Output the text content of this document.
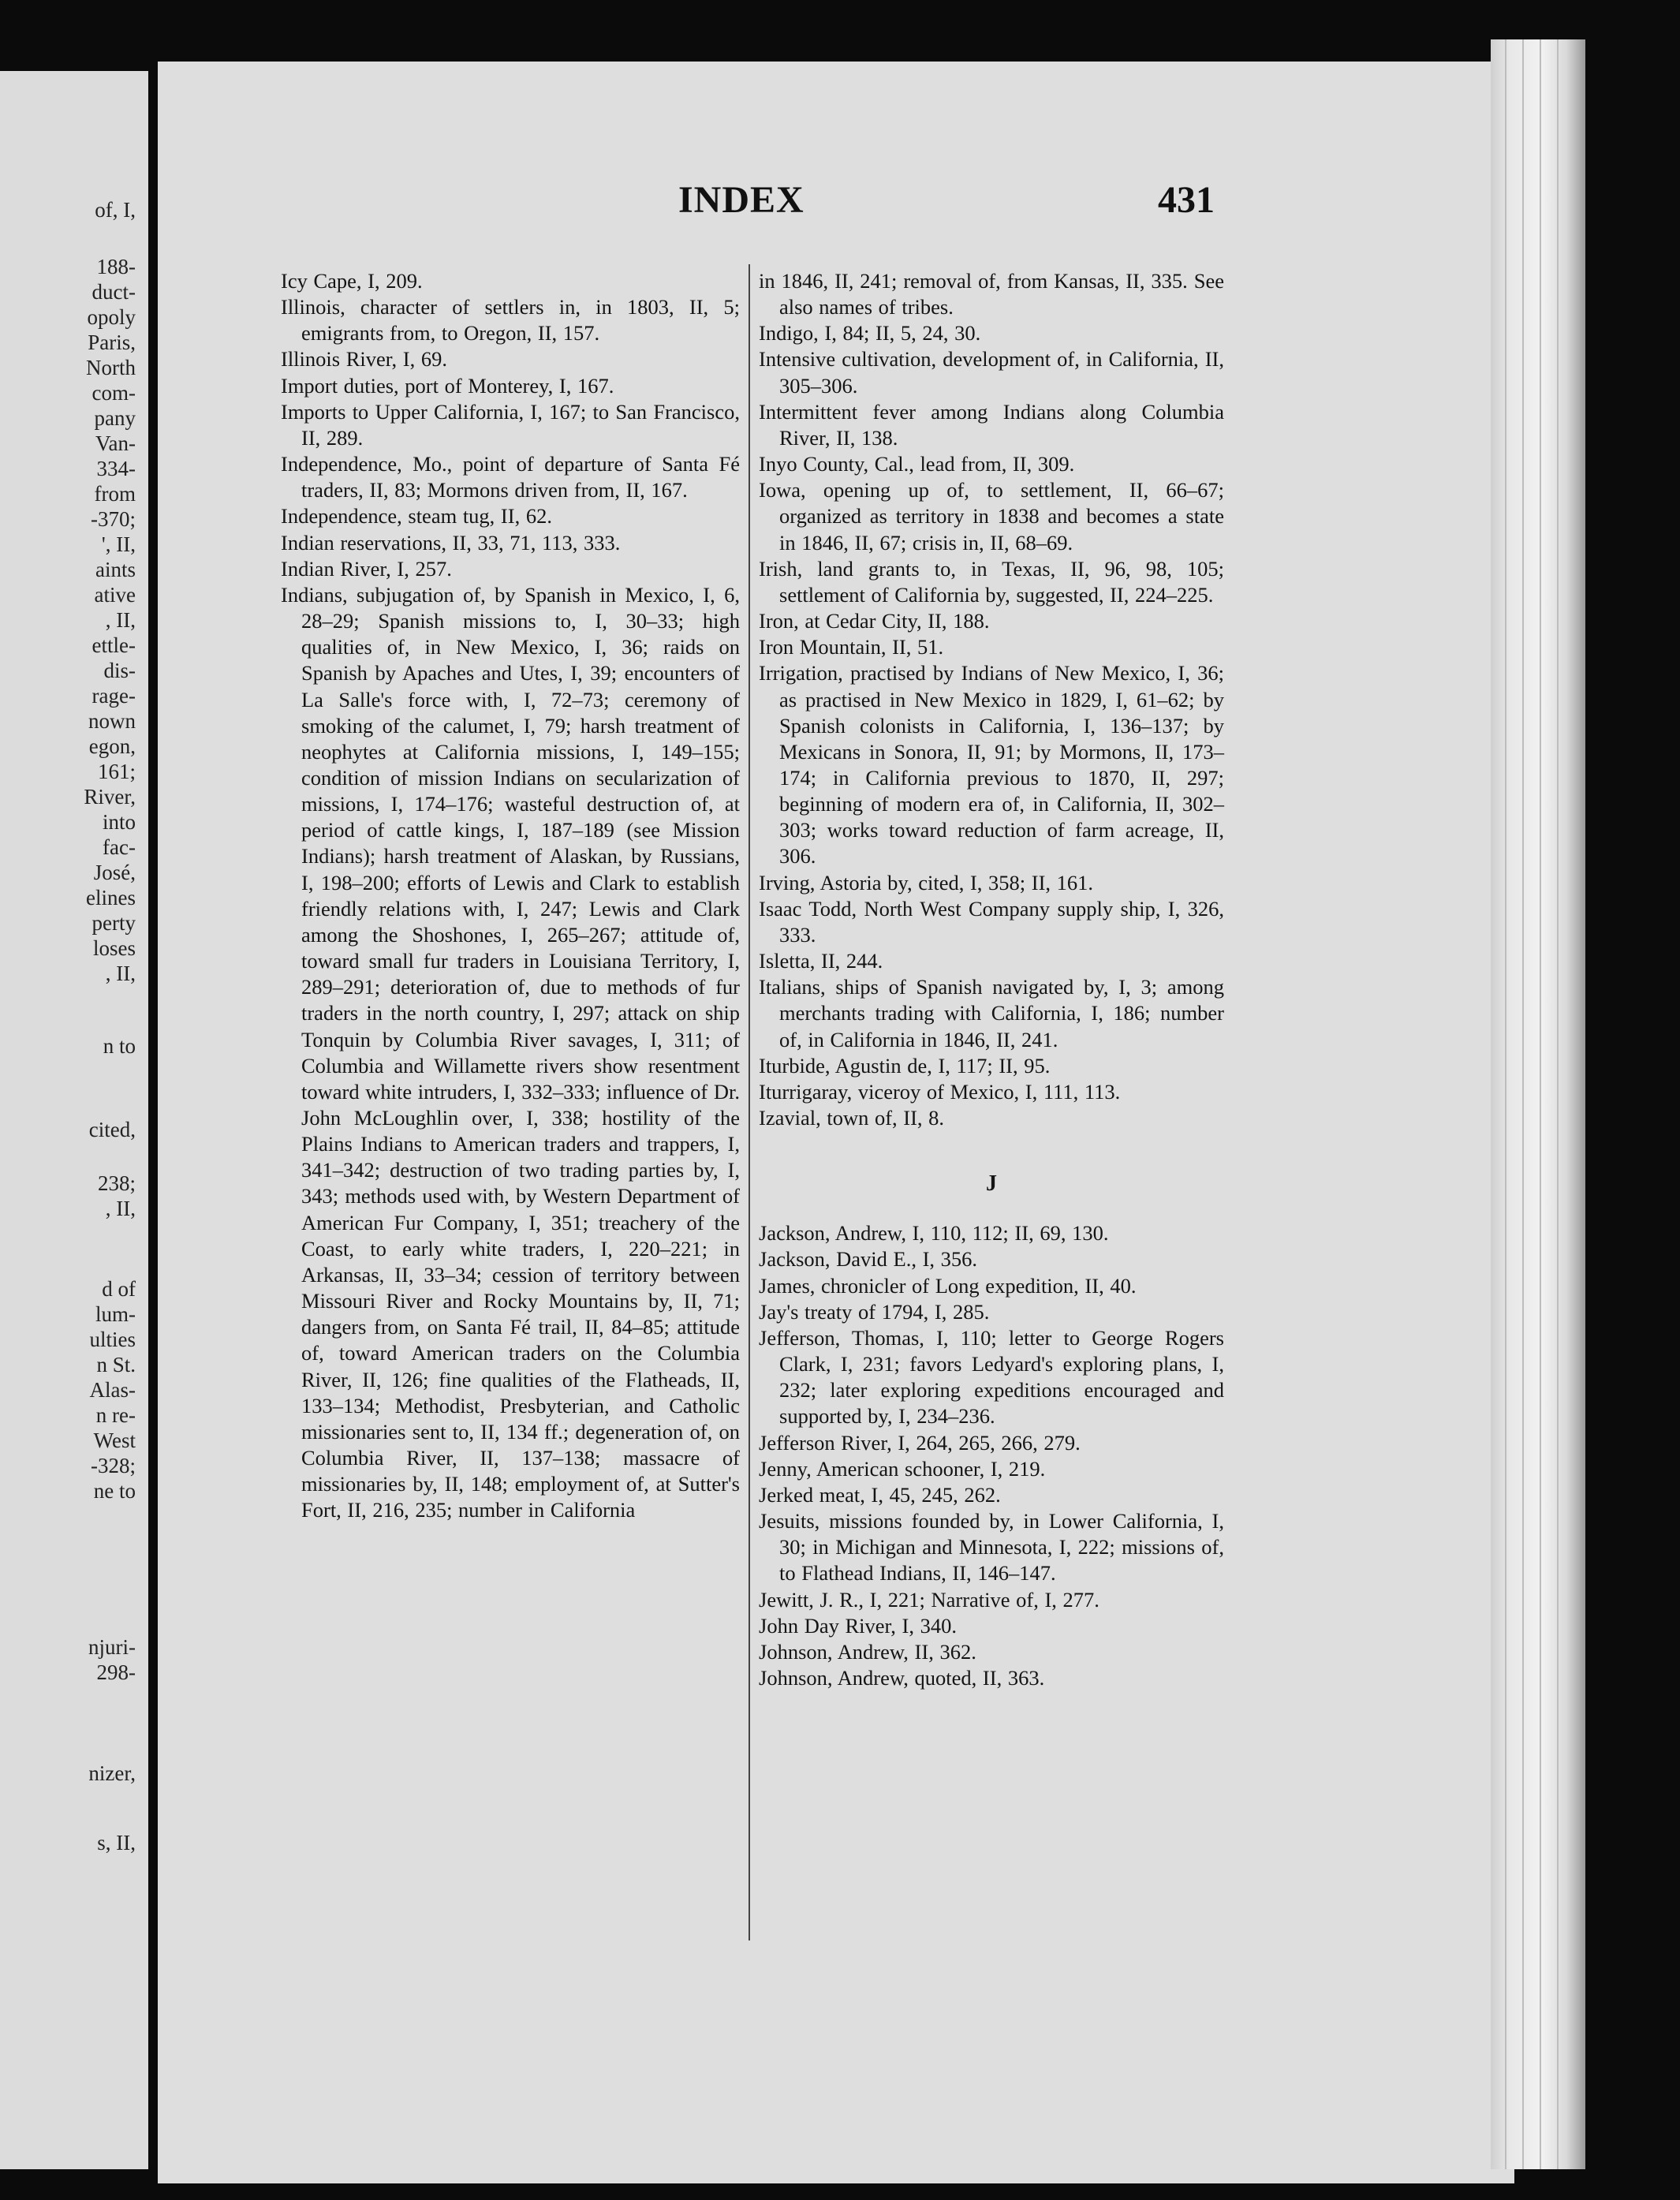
of, I,
188-
duct-
opoly
Paris,
North
com-
pany
Van-
334-
from
-370;
', II,
aints
ative
, II,
ettle-
dis-
rage-
nown
egon,
161;
River,
into
fac-
José,
elines
perty
loses
, II,
n to
cited,
238;
, II,
d of
lum-
ulties
n St.
Alas-
n re-
West
-328;
ne to
njuri-
298-
nizer,
s, II,
INDEX	431

Icy Cape, I, 209.

Illinois, character of settlers in, in 1803, II, 5; emigrants from, to Oregon, II, 157.

Illinois River, I, 69.

Import duties, port of Monterey, I, 167.

Imports to Upper California, I, 167; to San Francisco, II, 289.

Independence, Mo., point of departure of Santa Fé traders, II, 83; Mormons driven from, II, 167.

Independence, steam tug, II, 62.

Indian reservations, II, 33, 71, 113, 333.

Indian River, I, 257.

Indians, subjugation of, by Spanish in Mexico, I, 6, 28–29; Spanish missions to, I, 30–33; high qualities of, in New Mexico, I, 36; raids on Spanish by Apaches and Utes, I, 39; encounters of La Salle's force with, I, 72–73; ceremony of smoking of the calumet, I, 79; harsh treatment of neophytes at California missions, I, 149–155; condition of mission Indians on secularization of missions, I, 174–176; wasteful destruction of, at period of cattle kings, I, 187–189 (see Mission Indians); harsh treatment of Alaskan, by Russians, I, 198–200; efforts of Lewis and Clark to establish friendly relations with, I, 247; Lewis and Clark among the Shoshones, I, 265–267; attitude of, toward small fur traders in Louisiana Territory, I, 289–291; deterioration of, due to methods of fur traders in the north country, I, 297; attack on ship Tonquin by Columbia River savages, I, 311; of Columbia and Willamette rivers show resentment toward white intruders, I, 332–333; influence of Dr. John McLoughlin over, I, 338; hostility of the Plains Indians to American traders and trappers, I, 341–342; destruction of two trading parties by, I, 343; methods used with, by Western Department of American Fur Company, I, 351; treachery of the Coast, to early white traders, I, 220–221; in Arkansas, II, 33–34; cession of territory between Missouri River and Rocky Mountains by, II, 71; dangers from, on Santa Fé trail, II, 84–85; attitude of, toward American traders on the Columbia River, II, 126; fine qualities of the Flatheads, II, 133–134; Methodist, Presbyterian, and Catholic missionaries sent to, II, 134 ff.; degeneration of, on Columbia River, II, 137–138; massacre of missionaries by, II, 148; employment of, at Sutter's Fort, II, 216, 235; number in California

in 1846, II, 241; removal of, from Kansas, II, 335. See also names of tribes.

Indigo, I, 84; II, 5, 24, 30.

Intensive cultivation, development of, in California, II, 305–306.

Intermittent fever among Indians along Columbia River, II, 138.

Inyo County, Cal., lead from, II, 309.

Iowa, opening up of, to settlement, II, 66–67; organized as territory in 1838 and becomes a state in 1846, II, 67; crisis in, II, 68–69.

Irish, land grants to, in Texas, II, 96, 98, 105; settlement of California by, suggested, II, 224–225.

Iron, at Cedar City, II, 188.

Iron Mountain, II, 51.

Irrigation, practised by Indians of New Mexico, I, 36; as practised in New Mexico in 1829, I, 61–62; by Spanish colonists in California, I, 136–137; by Mexicans in Sonora, II, 91; by Mormons, II, 173–174; in California previous to 1870, II, 297; beginning of modern era of, in California, II, 302–303; works toward reduction of farm acreage, II, 306.

Irving, Astoria by, cited, I, 358; II, 161.

Isaac Todd, North West Company supply ship, I, 326, 333.

Isletta, II, 244.

Italians, ships of Spanish navigated by, I, 3; among merchants trading with California, I, 186; number of, in California in 1846, II, 241.

Iturbide, Agustin de, I, 117; II, 95.

Iturrigaray, viceroy of Mexico, I, 111, 113.

Izavial, town of, II, 8.

J

Jackson, Andrew, I, 110, 112; II, 69, 130.

Jackson, David E., I, 356.

James, chronicler of Long expedition, II, 40.

Jay's treaty of 1794, I, 285.

Jefferson, Thomas, I, 110; letter to George Rogers Clark, I, 231; favors Ledyard's exploring plans, I, 232; later exploring expeditions encouraged and supported by, I, 234–236.

Jefferson River, I, 264, 265, 266, 279.

Jenny, American schooner, I, 219.

Jerked meat, I, 45, 245, 262.

Jesuits, missions founded by, in Lower California, I, 30; in Michigan and Minnesota, I, 222; missions of, to Flathead Indians, II, 146–147.

Jewitt, J. R., I, 221; Narrative of, I, 277.

John Day River, I, 340.

Johnson, Andrew, II, 362.

Johnson, Andrew, quoted, II, 363.
